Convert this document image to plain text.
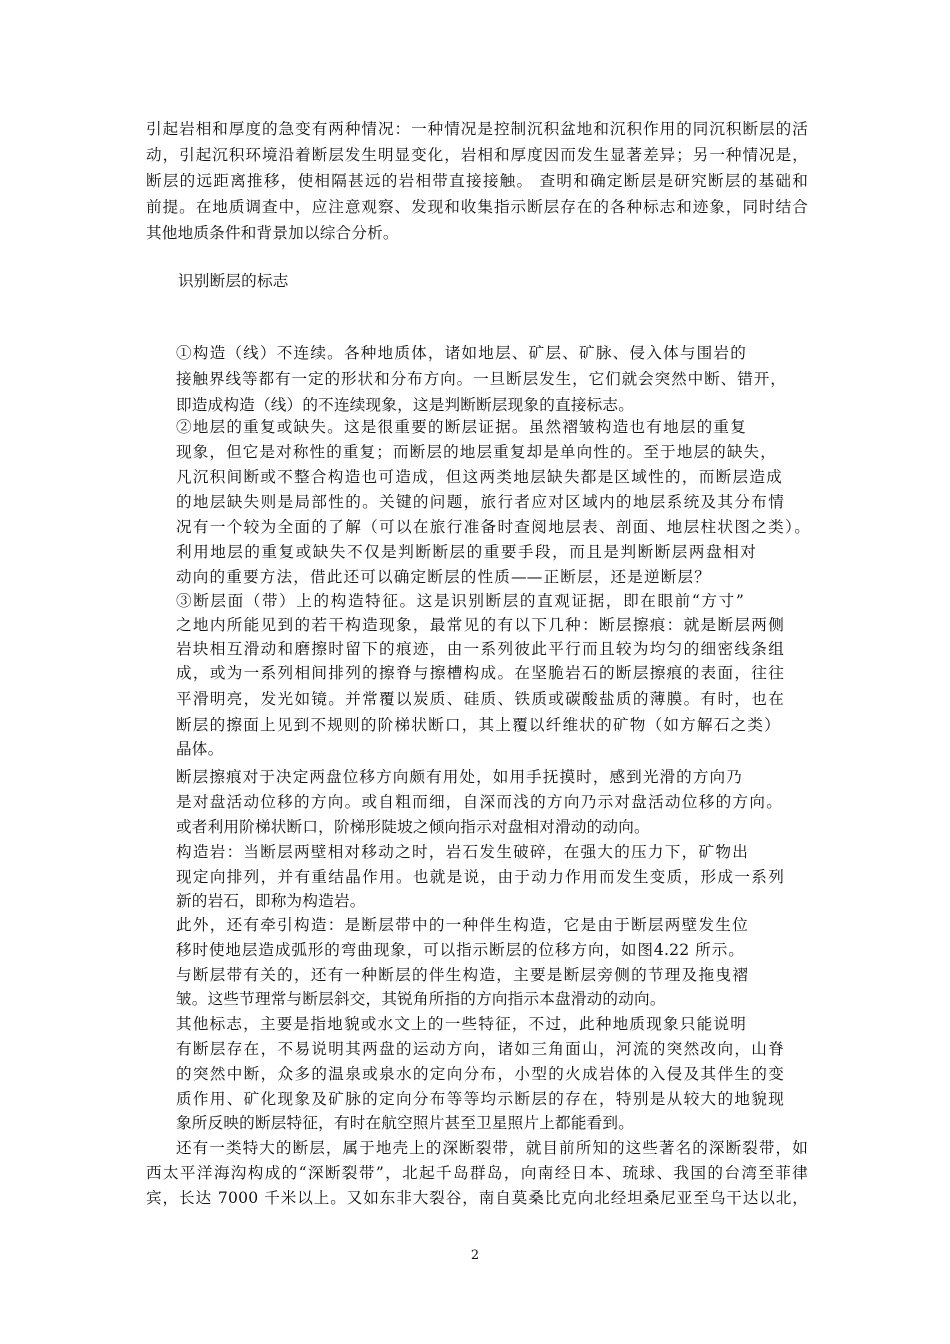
引起岩相和厚度的急变有两种情况：一种情况是控制沉积盆地和沉积作用的同沉积断层的活
动，引起沉积环境沿着断层发生明显变化，岩相和厚度因而发生显著差异；另一种情况是，
断层的远距离推移，使相隔甚远的岩相带直接接触。 查明和确定断层是研究断层的基础和
前提。在地质调查中，应注意观察、发现和收集指示断层存在的各种标志和迹象，同时结合
其他地质条件和背景加以综合分析。
识别断层的标志
①构造（线）不连续。各种地质体，诸如地层、矿层、矿脉、侵入体与围岩的
接触界线等都有一定的形状和分布方向。一旦断层发生，它们就会突然中断、错开，
即造成构造（线）的不连续现象，这是判断断层现象的直接标志。
②地层的重复或缺失。这是很重要的断层证据。虽然褶皱构造也有地层的重复
现象，但它是对称性的重复；而断层的地层重复却是单向性的。至于地层的缺失，
凡沉积间断或不整合构造也可造成，但这两类地层缺失都是区域性的，而断层造成
的地层缺失则是局部性的。关键的问题，旅行者应对区域内的地层系统及其分布情
况有一个较为全面的了解（可以在旅行准备时查阅地层表、剖面、地层柱状图之类）。
利用地层的重复或缺失不仅是判断断层的重要手段，而且是判断断层两盘相对
动向的重要方法，借此还可以确定断层的性质——正断层，还是逆断层？
③断层面（带）上的构造特征。这是识别断层的直观证据，即在眼前“方寸”
之地内所能见到的若干构造现象，最常见的有以下几种：断层擦痕：就是断层两侧
岩块相互滑动和磨擦时留下的痕迹，由一系列彼此平行而且较为均匀的细密线条组
成，或为一系列相间排列的擦脊与擦槽构成。在坚脆岩石的断层擦痕的表面，往往
平滑明亮，发光如镜。并常覆以炭质、硅质、铁质或碳酸盐质的薄膜。有时，也在
断层的擦面上见到不规则的阶梯状断口，其上覆以纤维状的矿物（如方解石之类）
晶体。
断层擦痕对于决定两盘位移方向颇有用处，如用手抚摸时，感到光滑的方向乃
是对盘活动位移的方向。或自粗而细，自深而浅的方向乃示对盘活动位移的方向。
或者利用阶梯状断口，阶梯形陡坡之倾向指示对盘相对滑动的动向。
构造岩：当断层两壁相对移动之时，岩石发生破碎，在强大的压力下，矿物出
现定向排列，并有重结晶作用。也就是说，由于动力作用而发生变质，形成一系列
新的岩石，即称为构造岩。
此外，还有牵引构造：是断层带中的一种伴生构造，它是由于断层两壁发生位
移时使地层造成弧形的弯曲现象，可以指示断层的位移方向，如图4.22 所示。
与断层带有关的，还有一种断层的伴生构造，主要是断层旁侧的节理及拖曳褶
皱。这些节理常与断层斜交，其锐角所指的方向指示本盘滑动的动向。
其他标志，主要是指地貌或水文上的一些特征，不过，此种地质现象只能说明
有断层存在，不易说明其两盘的运动方向，诸如三角面山，河流的突然改向，山脊
的突然中断，众多的温泉或泉水的定向分布，小型的火成岩体的入侵及其伴生的变
质作用、矿化现象及矿脉的定向分布等等均示断层的存在，特别是从较大的地貌现
象所反映的断层特征，有时在航空照片甚至卫星照片上都能看到。
还有一类特大的断层，属于地壳上的深断裂带，就目前所知的这些著名的深断裂带，如
西太平洋海沟构成的“深断裂带”，北起千岛群岛，向南经日本、琉球、我国的台湾至菲律
宾，长达 7000 千米以上。又如东非大裂谷，南自莫桑比克向北经坦桑尼亚至乌干达以北，
2
